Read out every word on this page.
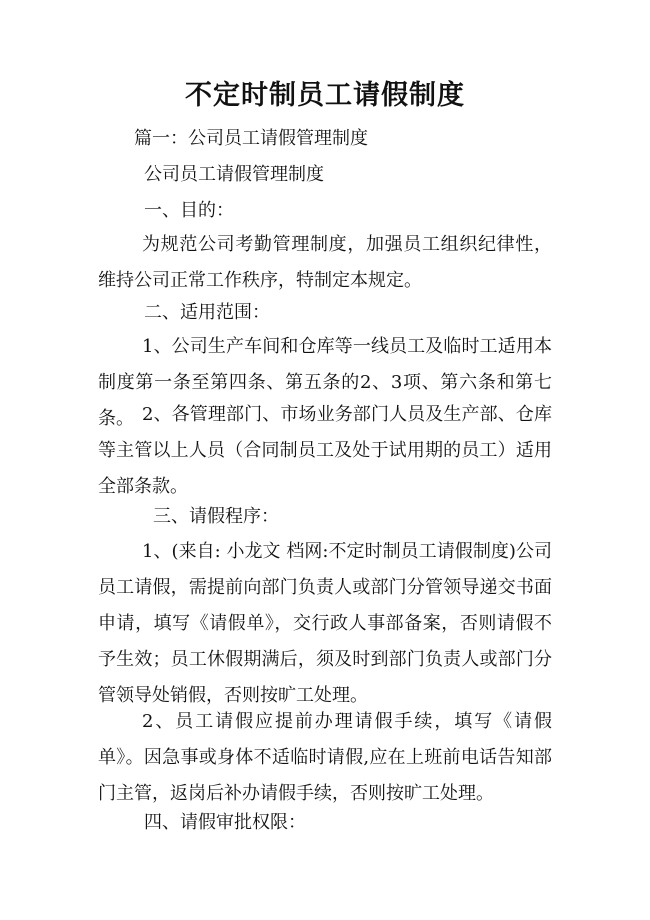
不定时制员工请假制度
篇一：公司员工请假管理制度
公司员工请假管理制度
一、目的：
为规范公司考勤管理制度，加强员工组织纪律性，维持公司正常工作秩序，特制定本规定。
二、适用范围：
1、公司生产车间和仓库等一线员工及临时工适用本制度第一条至第四条、第五条的2、3项、第六条和第七条。 2、各管理部门、市场业务部门人员及生产部、仓库等主管以上人员（合同制员工及处于试用期的员工）适用全部条款。
三、请假程序：
1、(来自: 小龙文 档网:不定时制员工请假制度)公司员工请假，需提前向部门负责人或部门分管领导递交书面申请，填写《请假单》，交行政人事部备案，否则请假不予生效；员工休假期满后，须及时到部门负责人或部门分管领导处销假，否则按旷工处理。
2、员工请假应提前办理请假手续，填写《请假单》。因急事或身体不适临时请假,应在上班前电话告知部门主管，返岗后补办请假手续，否则按旷工处理。
四、请假审批权限：
